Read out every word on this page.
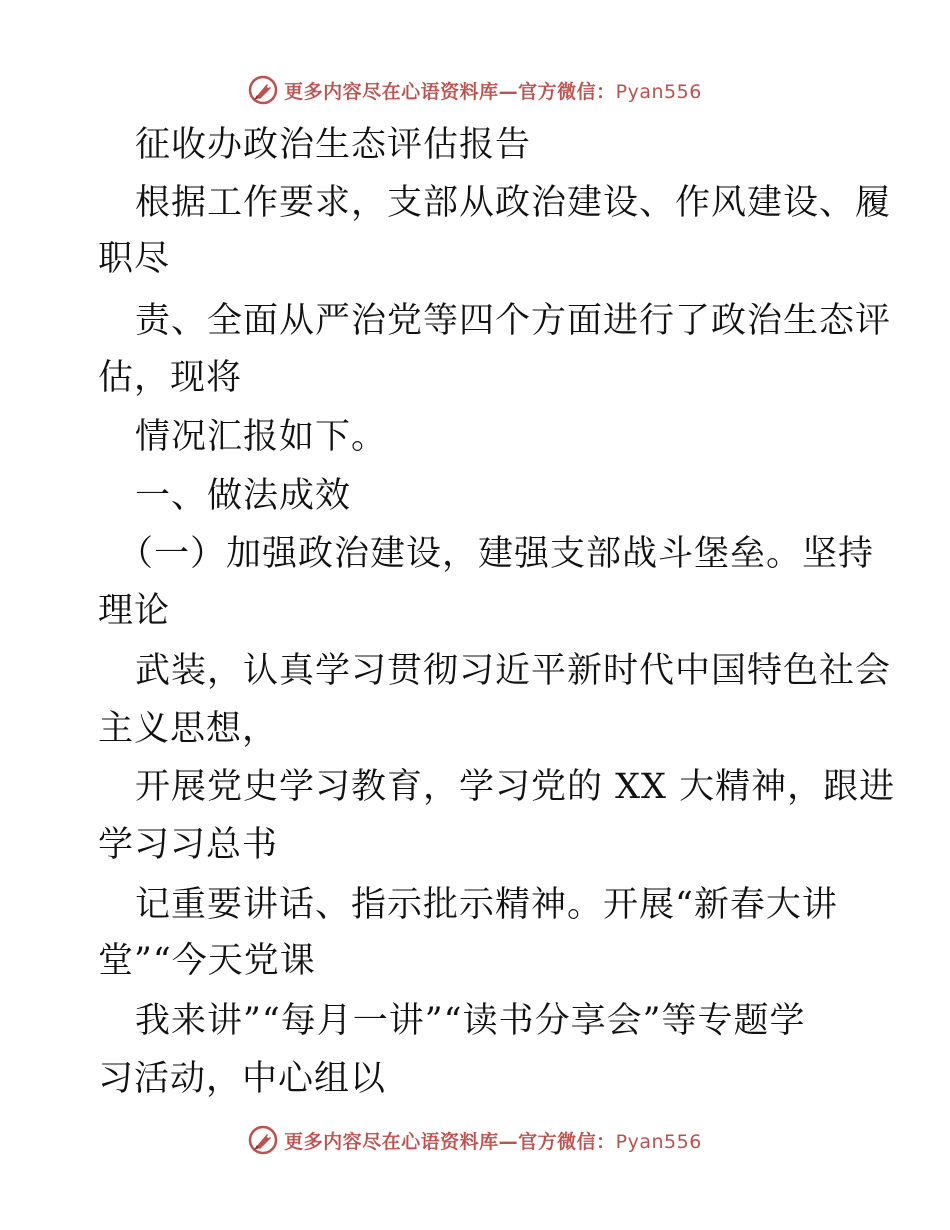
更多内容尽在心语资料库—官方微信：Pyan556
征收办政治生态评估报告
根据工作要求，支部从政治建设、作风建设、履
职尽
责、全面从严治党等四个方面进行了政治生态评
估，现将
情况汇报如下。
一、做法成效
（一）加强政治建设，建强支部战斗堡垒。坚持
理论
武装，认真学习贯彻习近平新时代中国特色社会
主义思想，
开展党史学习教育，学习党的 XX 大精神，跟进
学习习总书
记重要讲话、指示批示精神。开展“新春大讲
堂”“今天党课
我来讲”“每月一讲”“读书分享会”等专题学
习活动，中心组以
更多内容尽在心语资料库—官方微信：Pyan556
